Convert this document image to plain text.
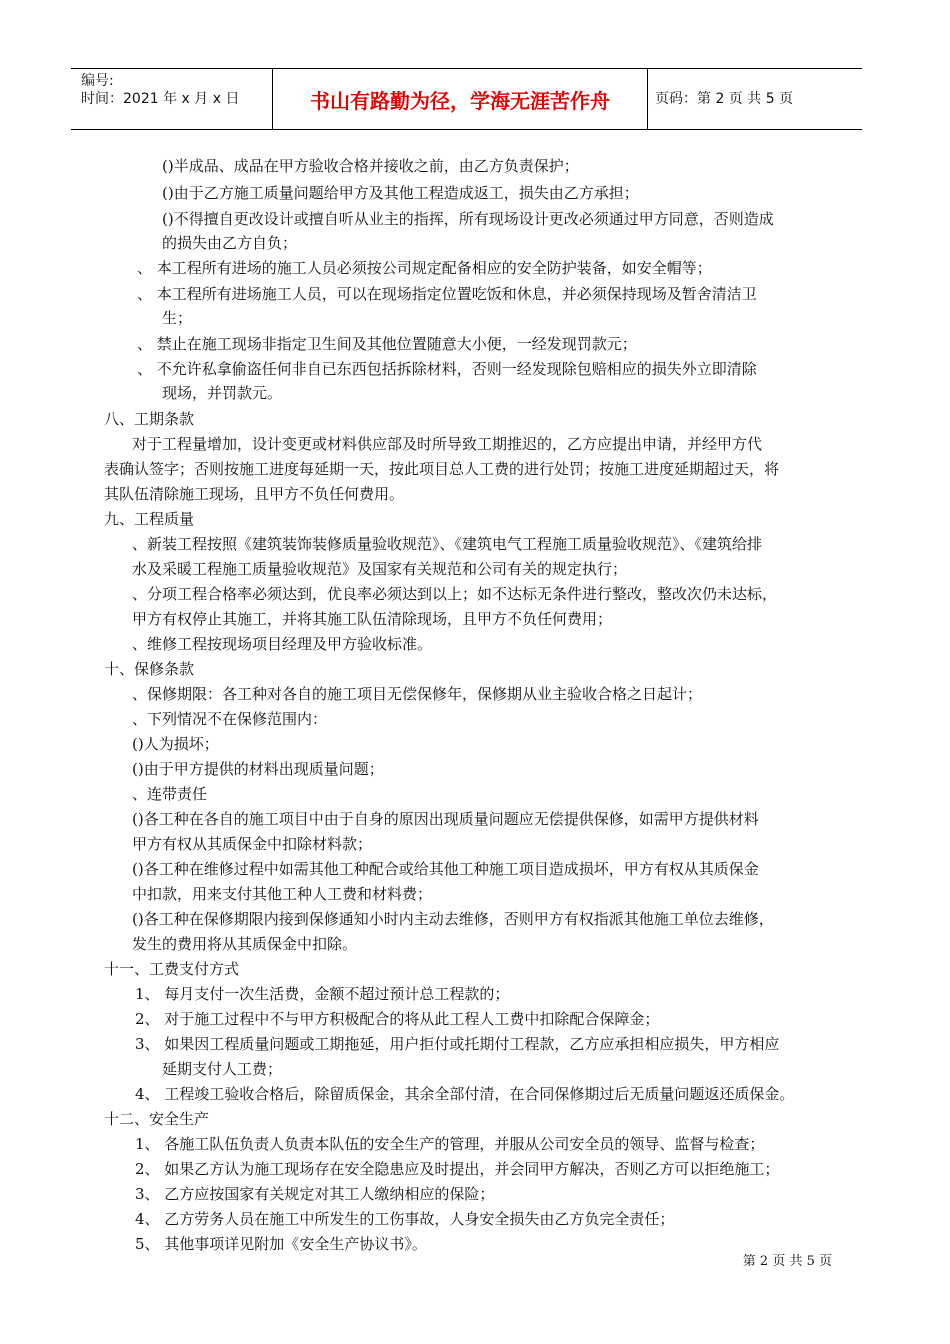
编号:
时间：2021 年 x 月 x 日	书山有路勤为径，学海无涯苦作舟	页码：第 2 页 共 5 页
()半成品、成品在甲方验收合格并接收之前，由乙方负责保护；
()由于乙方施工质量问题给甲方及其他工程造成返工，损失由乙方承担；
()不得擅自更改设计或擅自听从业主的指挥，所有现场设计更改必须通过甲方同意，否则造成
的损失由乙方自负；
、 本工程所有进场的施工人员必须按公司规定配备相应的安全防护装备，如安全帽等；
、 本工程所有进场施工人员，可以在现场指定位置吃饭和休息，并必须保持现场及暂舍清洁卫
生；
、 禁止在施工现场非指定卫生间及其他位置随意大小便，一经发现罚款元；
、 不允许私拿偷盗任何非自已东西包括拆除材料，否则一经发现除包赔相应的损失外立即清除
现场，并罚款元。
八、工期条款
对于工程量增加，设计变更或材料供应部及时所导致工期推迟的，乙方应提出申请，并经甲方代
表确认签字；否则按施工进度每延期一天，按此项目总人工费的进行处罚；按施工进度延期超过天，将
其队伍清除施工现场，且甲方不负任何费用。
九、工程质量
、新装工程按照《建筑装饰装修质量验收规范》、《建筑电气工程施工质量验收规范》、《建筑给排
水及采暖工程施工质量验收规范》及国家有关规范和公司有关的规定执行；
、分项工程合格率必须达到，优良率必须达到以上；如不达标无条件进行整改，整改次仍未达标，
甲方有权停止其施工，并将其施工队伍清除现场，且甲方不负任何费用；
、维修工程按现场项目经理及甲方验收标准。
十、保修条款
、保修期限：各工种对各自的施工项目无偿保修年，保修期从业主验收合格之日起计；
、下列情况不在保修范围内：
()人为损坏；
()由于甲方提供的材料出现质量问题；
、连带责任
()各工种在各自的施工项目中由于自身的原因出现质量问题应无偿提供保修，如需甲方提供材料
甲方有权从其质保金中扣除材料款；
()各工种在维修过程中如需其他工种配合或给其他工种施工项目造成损坏，甲方有权从其质保金
中扣款，用来支付其他工种人工费和材料费；
()各工种在保修期限内接到保修通知小时内主动去维修，否则甲方有权指派其他施工单位去维修，
发生的费用将从其质保金中扣除。
十一、工费支付方式
1、 每月支付一次生活费，金额不超过预计总工程款的；
2、 对于施工过程中不与甲方积极配合的将从此工程人工费中扣除配合保障金；
3、 如果因工程质量问题或工期拖延，用户拒付或托期付工程款，乙方应承担相应损失，甲方相应
延期支付人工费；
4、 工程竣工验收合格后，除留质保金，其余全部付清，在合同保修期过后无质量问题返还质保金。
十二、安全生产
1、 各施工队伍负责人负责本队伍的安全生产的管理，并服从公司安全员的领导、监督与检查；
2、 如果乙方认为施工现场存在安全隐患应及时提出，并会同甲方解决，否则乙方可以拒绝施工；
3、 乙方应按国家有关规定对其工人缴纳相应的保险；
4、 乙方劳务人员在施工中所发生的工伤事故，人身安全损失由乙方负完全责任；
5、 其他事项详见附加《安全生产协议书》。
第 2 页 共 5 页
